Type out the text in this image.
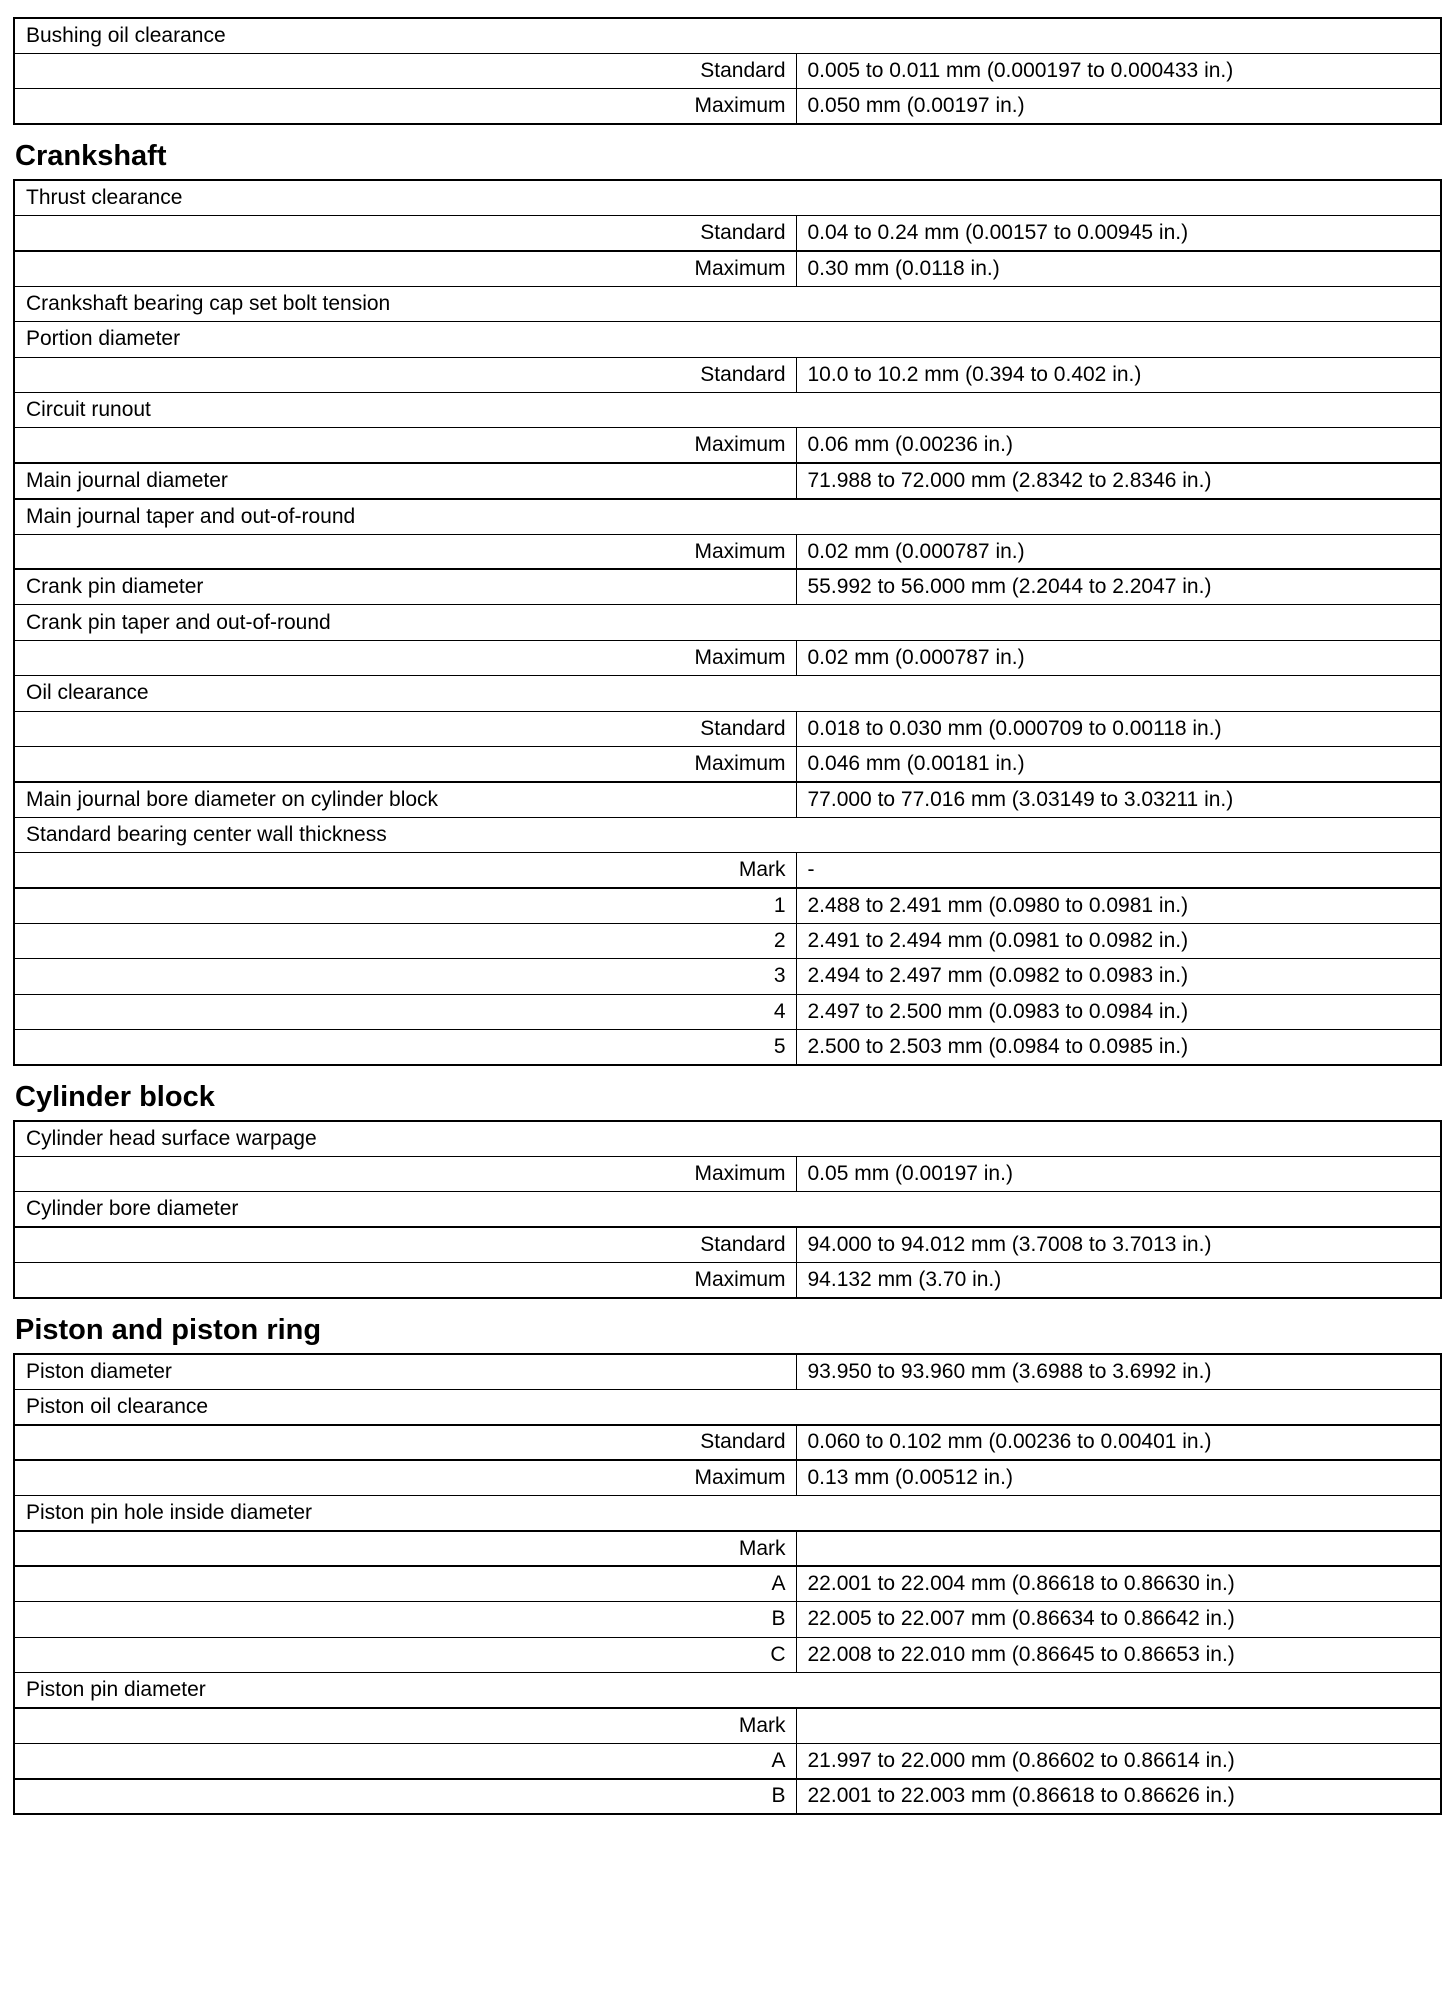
Bushing oil clearance	
Standard	0.005 to 0.011 mm (0.000197 to 0.000433 in.)
Maximum	0.050 mm (0.00197 in.)
Crankshaft
Thrust clearance	
Standard	0.04 to 0.24 mm (0.00157 to 0.00945 in.)
Maximum	0.30 mm (0.0118 in.)
Crankshaft bearing cap set bolt tension	
Portion diameter	
Standard	10.0 to 10.2 mm (0.394 to 0.402 in.)
Circuit runout	
Maximum	0.06 mm (0.00236 in.)
Main journal diameter	71.988 to 72.000 mm (2.8342 to 2.8346 in.)
Main journal taper and out-of-round	
Maximum	0.02 mm (0.000787 in.)
Crank pin diameter	55.992 to 56.000 mm (2.2044 to 2.2047 in.)
Crank pin taper and out-of-round	
Maximum	0.02 mm (0.000787 in.)
Oil clearance	
Standard	0.018 to 0.030 mm (0.000709 to 0.00118 in.)
Maximum	0.046 mm (0.00181 in.)
Main journal bore diameter on cylinder block	77.000 to 77.016 mm (3.03149 to 3.03211 in.)
Standard bearing center wall thickness	
Mark	-
1	2.488 to 2.491 mm (0.0980 to 0.0981 in.)
2	2.491 to 2.494 mm (0.0981 to 0.0982 in.)
3	2.494 to 2.497 mm (0.0982 to 0.0983 in.)
4	2.497 to 2.500 mm (0.0983 to 0.0984 in.)
5	2.500 to 2.503 mm (0.0984 to 0.0985 in.)
Cylinder block
Cylinder head surface warpage	
Maximum	0.05 mm (0.00197 in.)
Cylinder bore diameter	
Standard	94.000 to 94.012 mm (3.7008 to 3.7013 in.)
Maximum	94.132 mm (3.70 in.)
Piston and piston ring
Piston diameter	93.950 to 93.960 mm (3.6988 to 3.6992 in.)
Piston oil clearance	
Standard	0.060 to 0.102 mm (0.00236 to 0.00401 in.)
Maximum	0.13 mm (0.00512 in.)
Piston pin hole inside diameter	
Mark	
A	22.001 to 22.004 mm (0.86618 to 0.86630 in.)
B	22.005 to 22.007 mm (0.86634 to 0.86642 in.)
C	22.008 to 22.010 mm (0.86645 to 0.86653 in.)
Piston pin diameter	
Mark	
A	21.997 to 22.000 mm (0.86602 to 0.86614 in.)
B	22.001 to 22.003 mm (0.86618 to 0.86626 in.)
